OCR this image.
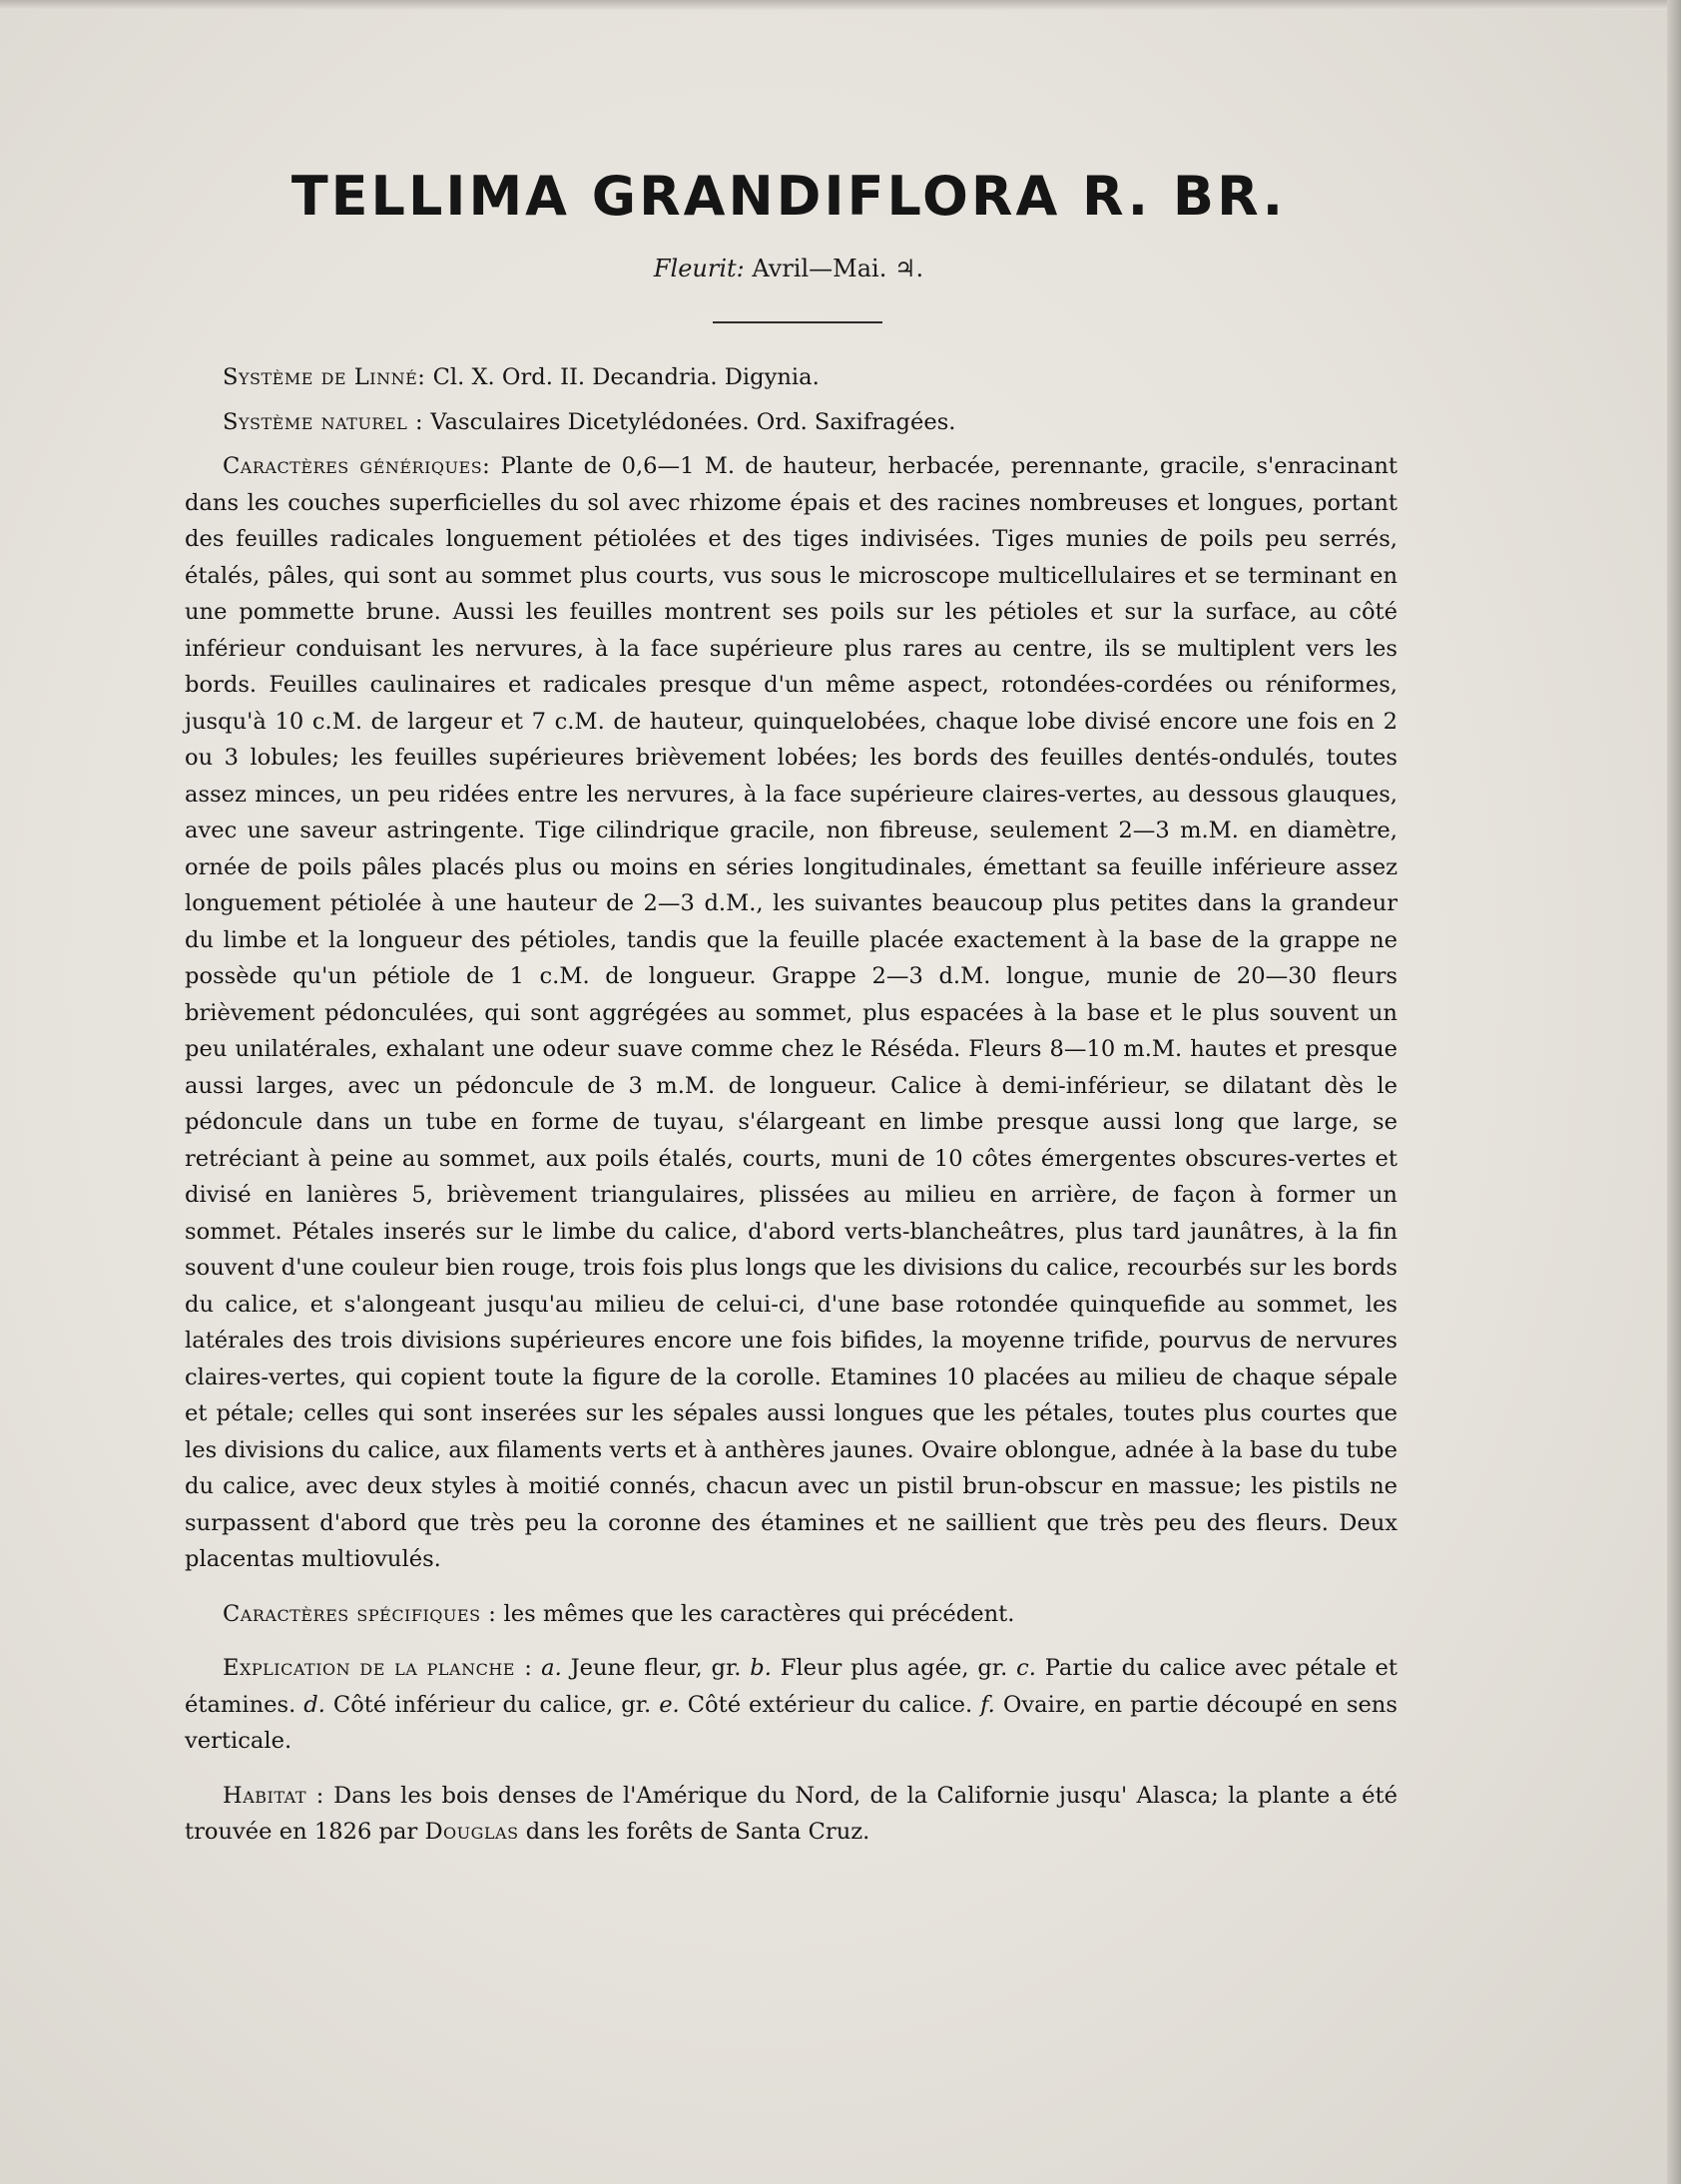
TELLIMA GRANDIFLORA R. BR.
Fleurit: Avril—Mai. ♃.

Système de Linné: Cl. X. Ord. II. Decandria. Digynia.

Système naturel : Vasculaires Dicetylédonées. Ord. Saxifragées.

Caractères génériques: Plante de 0,6—1 M. de hauteur, herbacée, perennante, gracile, s'enracinant dans les couches superficielles du sol avec rhizome épais et des racines nombreuses et longues, portant des feuilles radicales longuement pétiolées et des tiges indivisées. Tiges munies de poils peu serrés, étalés, pâles, qui sont au sommet plus courts, vus sous le microscope multicellulaires et se terminant en une pommette brune. Aussi les feuilles montrent ses poils sur les pétioles et sur la surface, au côté inférieur conduisant les nervures, à la face supérieure plus rares au centre, ils se multiplent vers les bords. Feuilles caulinaires et radicales presque d'un même aspect, rotondées-cordées ou réniformes, jusqu'à 10 c.M. de largeur et 7 c.M. de hauteur, quinquelobées, chaque lobe divisé encore une fois en 2 ou 3 lobules; les feuilles supérieures brièvement lobées; les bords des feuilles dentés-ondulés, toutes assez minces, un peu ridées entre les nervures, à la face supérieure claires-vertes, au dessous glauques, avec une saveur astringente. Tige cilindrique gracile, non fibreuse, seulement 2—3 m.M. en diamètre, ornée de poils pâles placés plus ou moins en séries longitudinales, émettant sa feuille inférieure assez longuement pétiolée à une hauteur de 2—3 d.M., les suivantes beaucoup plus petites dans la grandeur du limbe et la longueur des pétioles, tandis que la feuille placée exactement à la base de la grappe ne possède qu'un pétiole de 1 c.M. de longueur. Grappe 2—3 d.M. longue, munie de 20—30 fleurs brièvement pédonculées, qui sont aggrégées au sommet, plus espacées à la base et le plus souvent un peu unilatérales, exhalant une odeur suave comme chez le Réséda. Fleurs 8—10 m.M. hautes et presque aussi larges, avec un pédoncule de 3 m.M. de longueur. Calice à demi-inférieur, se dilatant dès le pédoncule dans un tube en forme de tuyau, s'élargeant en limbe presque aussi long que large, se retréciant à peine au sommet, aux poils étalés, courts, muni de 10 côtes émergentes obscures-vertes et divisé en lanières 5, brièvement triangulaires, plissées au milieu en arrière, de façon à former un sommet. Pétales inserés sur le limbe du calice, d'abord verts-blancheâtres, plus tard jaunâtres, à la fin souvent d'une couleur bien rouge, trois fois plus longs que les divisions du calice, recourbés sur les bords du calice, et s'alongeant jusqu'au milieu de celui-ci, d'une base rotondée quinquefide au sommet, les latérales des trois divisions supérieures encore une fois bifides, la moyenne trifide, pourvus de nervures claires-vertes, qui copient toute la figure de la corolle. Etamines 10 placées au milieu de chaque sépale et pétale; celles qui sont inserées sur les sépales aussi longues que les pétales, toutes plus courtes que les divisions du calice, aux filaments verts et à anthères jaunes. Ovaire oblongue, adnée à la base du tube du calice, avec deux styles à moitié connés, chacun avec un pistil brun-obscur en massue; les pistils ne surpassent d'abord que très peu la coronne des étamines et ne saillient que très peu des fleurs. Deux placentas multiovulés.

Caractères spécifiques : les mêmes que les caractères qui précédent.

Explication de la planche : a. Jeune fleur, gr. b. Fleur plus agée, gr. c. Partie du calice avec pétale et étamines. d. Côté inférieur du calice, gr. e. Côté extérieur du calice. f. Ovaire, en partie découpé en sens verticale.

Habitat : Dans les bois denses de l'Amérique du Nord, de la Californie jusqu' Alasca; la plante a été trouvée en 1826 par Douglas dans les forêts de Santa Cruz.
